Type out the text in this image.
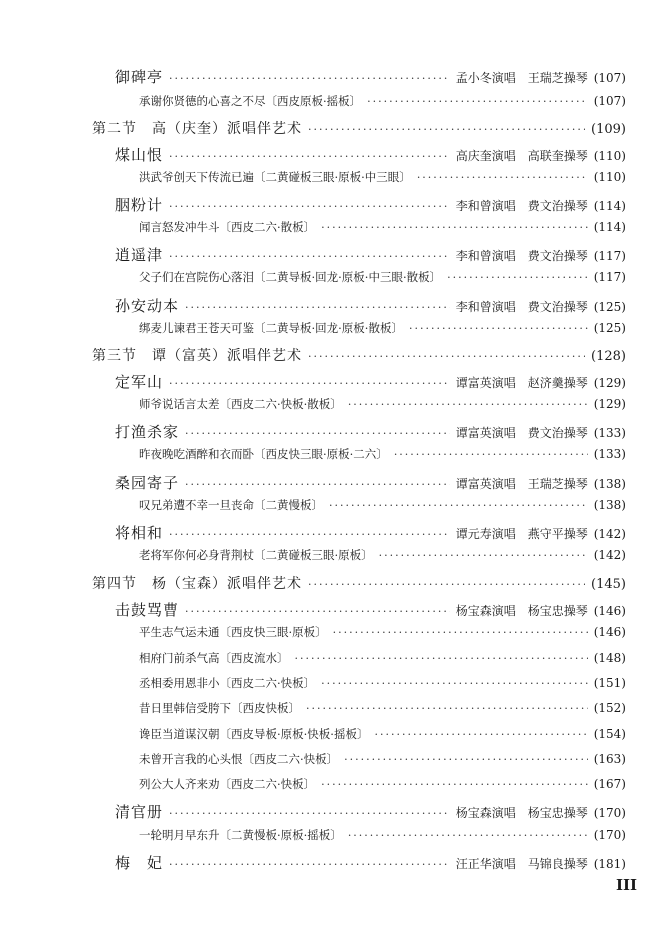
御碑亭 ·····	孟小冬演唱　王瑞芝操琴 (107)
承谢你贤德的心喜之不尽〔西皮原板·摇板〕 ·····	(107)
第二节　高（庆奎）派唱伴艺术 ·····	(109)
煤山恨 ·····	高庆奎演唱　高联奎操琴 (110)
洪武爷创天下传流已遍〔二黄碰板三眼·原板·中三眼〕 ·····	(110)
胭粉计 ·····	李和曾演唱　费文治操琴 (114)
闻言怒发冲牛斗〔西皮二六·散板〕 ·····	(114)
逍遥津 ·····	李和曾演唱　费文治操琴 (117)
父子们在宫院伤心落泪〔二黄导板·回龙·原板·中三眼·散板〕 ·····	(117)
孙安动本 ·····	李和曾演唱　费文治操琴 (125)
绑麦儿谏君王苍天可鉴〔二黄导板·回龙·原板·散板〕 ·····	(125)
第三节　谭（富英）派唱伴艺术 ·····	(128)
定军山 ·····	谭富英演唱　赵济羹操琴 (129)
师爷说话言太差〔西皮二六·快板·散板〕 ·····	(129)
打渔杀家 ·····	谭富英演唱　费文治操琴 (133)
昨夜晚吃酒醉和衣而卧〔西皮快三眼·原板·二六〕 ·····	(133)
桑园寄子 ·····	谭富英演唱　王瑞芝操琴 (138)
叹兄弟遭不幸一旦丧命〔二黄慢板〕 ·····	(138)
将相和 ·····	谭元寿演唱　燕守平操琴 (142)
老将军你何必身背荆杖〔二黄碰板三眼·原板〕 ·····	(142)
第四节　杨（宝森）派唱伴艺术 ·····	(145)
击鼓骂曹 ·····	杨宝森演唱　杨宝忠操琴 (146)
平生志气运未通〔西皮快三眼·原板〕 ·····	(146)
相府门前杀气高〔西皮流水〕 ·····	(148)
丞相委用恩非小〔西皮二六·快板〕 ·····	(151)
昔日里韩信受胯下〔西皮快板〕 ·····	(152)
谗臣当道谋汉朝〔西皮导板·原板·快板·摇板〕 ·····	(154)
未曾开言我的心头恨〔西皮二六·快板〕 ·····	(163)
列公大人齐来劝〔西皮二六·快板〕 ·····	(167)
清官册 ·····	杨宝森演唱　杨宝忠操琴 (170)
一轮明月早东升〔二黄慢板·原板·摇板〕 ·····	(170)
梅　妃 ·····	汪正华演唱　马锦良操琴 (181)
III
